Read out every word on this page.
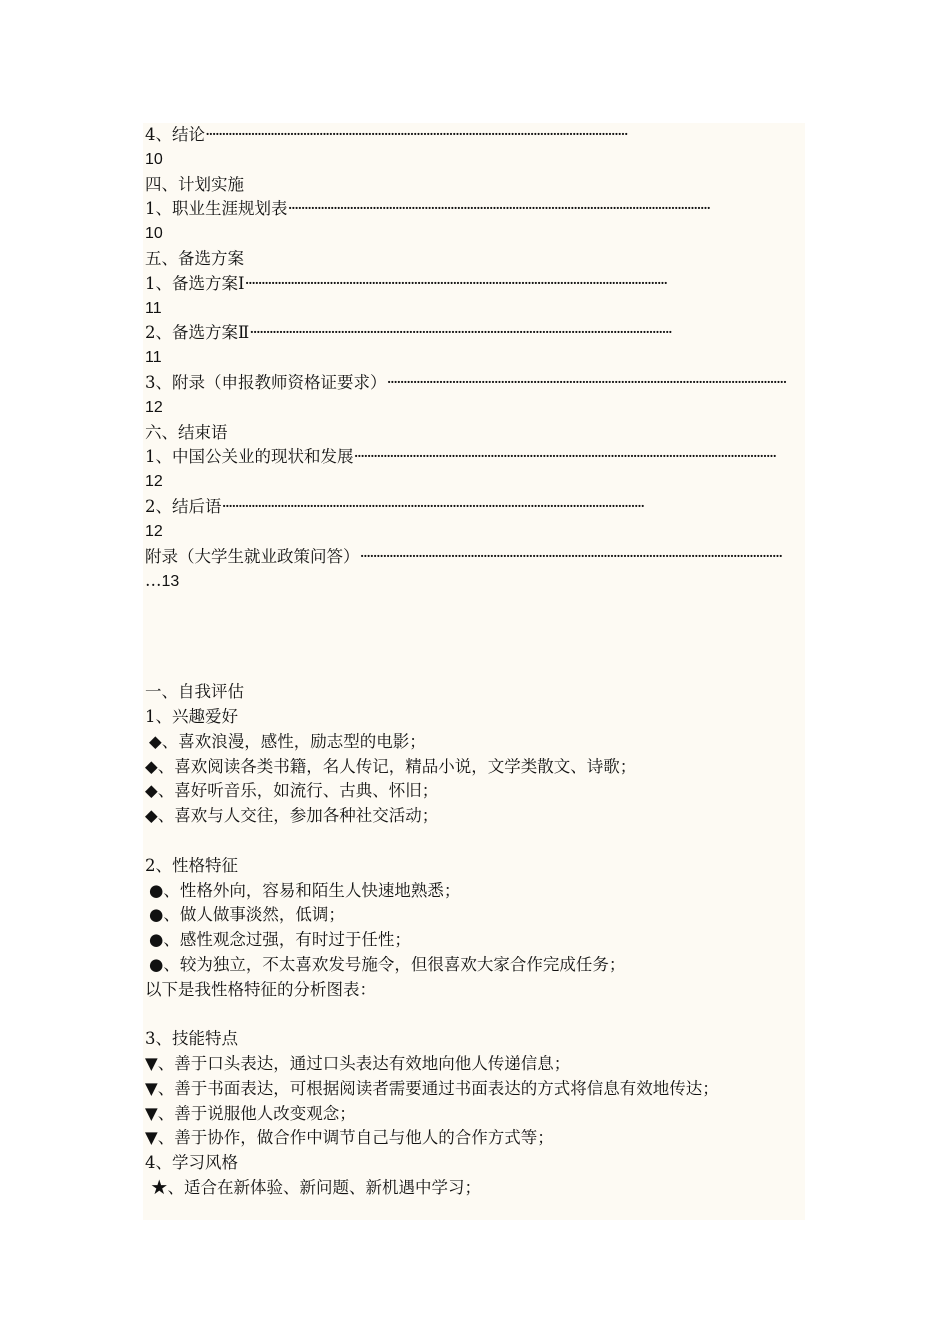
4、结论
·····
10
四、计划实施
1、职业生涯规划表
·····
10
五、备选方案
1、备选方案Ⅰ
·····
11
2、备选方案Ⅱ
·····
11
3、附录（申报教师资格证要求）
·····
12
六、结束语
1、中国公关业的现状和发展
·····
12
2、结后语
·····
12
附录（大学生就业政策问答）
·····
…13
一、自我评估
1、兴趣爱好
◆、喜欢浪漫，感性，励志型的电影；
◆、喜欢阅读各类书籍，名人传记，精品小说，文学类散文、诗歌；
◆、喜好听音乐，如流行、古典、怀旧；
◆、喜欢与人交往，参加各种社交活动；
2、性格特征
●、性格外向，容易和陌生人快速地熟悉；
●、做人做事淡然，低调；
●、感性观念过强，有时过于任性；
●、较为独立，不太喜欢发号施令，但很喜欢大家合作完成任务；
以下是我性格特征的分析图表：
3、技能特点
▼、善于口头表达，通过口头表达有效地向他人传递信息；
▼、善于书面表达，可根据阅读者需要通过书面表达的方式将信息有效地传达；
▼、善于说服他人改变观念；
▼、善于协作，做合作中调节自己与他人的合作方式等；
4、学习风格
★、适合在新体验、新问题、新机遇中学习；
